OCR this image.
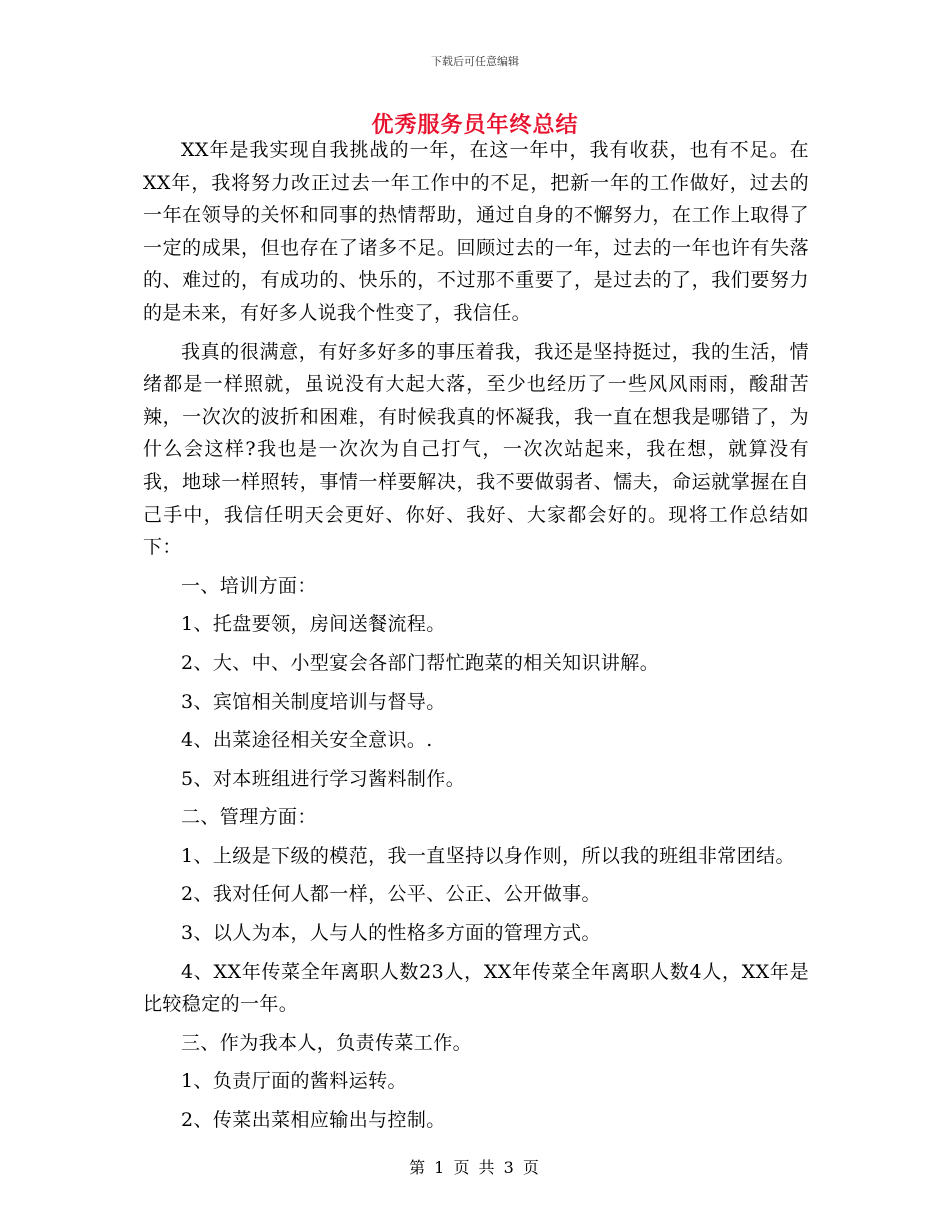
下载后可任意编辑
优秀服务员年终总结

XX年是我实现自我挑战的一年，在这一年中，我有收获，也有不足。在XX年，我将努力改正过去一年工作中的不足，把新一年的工作做好，过去的一年在领导的关怀和同事的热情帮助，通过自身的不懈努力，在工作上取得了一定的成果，但也存在了诸多不足。回顾过去的一年，过去的一年也许有失落的、难过的，有成功的、快乐的，不过那不重要了，是过去的了，我们要努力的是未来，有好多人说我个性变了，我信任。

我真的很满意，有好多好多的事压着我，我还是坚持挺过，我的生活，情绪都是一样照就，虽说没有大起大落，至少也经历了一些风风雨雨，酸甜苦辣，一次次的波折和困难，有时候我真的怀凝我，我一直在想我是哪错了，为什么会这样?我也是一次次为自己打气，一次次站起来，我在想，就算没有我，地球一样照转，事情一样要解决，我不要做弱者、懦夫，命运就掌握在自己手中，我信任明天会更好、你好、我好、大家都会好的。现将工作总结如下：

一、培训方面：

1、托盘要领，房间送餐流程。

2、大、中、小型宴会各部门帮忙跑菜的相关知识讲解。

3、宾馆相关制度培训与督导。

4、出菜途径相关安全意识。.

5、对本班组进行学习酱料制作。

二、管理方面：

1、上级是下级的模范，我一直坚持以身作则，所以我的班组非常团结。

2、我对任何人都一样，公平、公正、公开做事。

3、以人为本，人与人的性格多方面的管理方式。

4、XX年传菜全年离职人数23人，XX年传菜全年离职人数4人，XX年是比较稳定的一年。

三、作为我本人，负责传菜工作。

1、负责厅面的酱料运转。

2、传菜出菜相应输出与控制。

第 1 页 共 3 页
